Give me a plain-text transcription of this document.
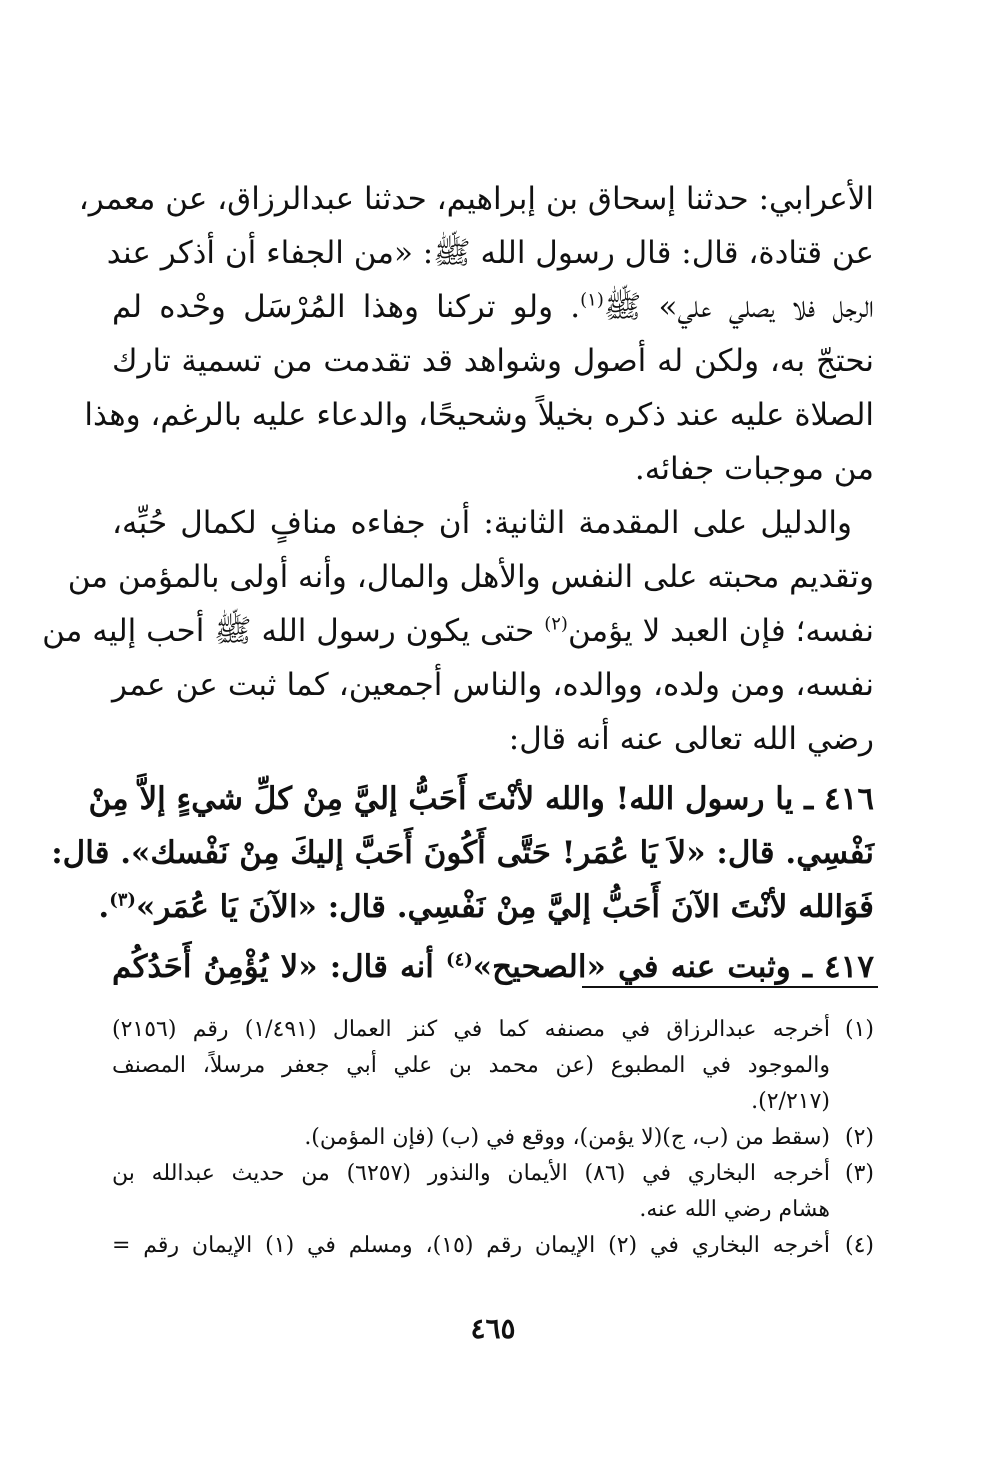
الأعرابي: حدثنا إسحاق بن إبراهيم، حدثنا عبدالرزاق، عن معمر،
عن قتادة، قال: قال رسول الله ﷺ: «من الجفاء أن أذكر عند
الرجل فلا يصلي علي» ﷺ$^{(١)}$. ولو تركنا وهذا المُرْسَل وحْده لم
نحتجّ به، ولكن له أصول وشواهد قد تقدمت من تسمية تارك
الصلاة عليه عند ذكره بخيلاً وشحيحًا، والدعاء عليه بالرغم، وهذا
من موجبات جفائه.
والدليل على المقدمة الثانية: أن جفاءه منافٍ لكمال حُبِّه،
وتقديم محبته على النفس والأهل والمال، وأنه أولى بالمؤمن من
نفسه؛ فإن العبد لا يؤمن$^{(٢)}$ حتى يكون رسول الله ﷺ أحب إليه من
نفسه، ومن ولده، ووالده، والناس أجمعين، كما ثبت عن عمر
رضي الله تعالى عنه أنه قال:
٤١٦ ـ يا رسول الله! والله لأنْتَ أَحَبُّ إليَّ مِنْ كلِّ شيءٍ إلاَّ مِنْ
نَفْسِي. قال: «لاَ يَا عُمَر! حَتَّى أَكُونَ أَحَبَّ إليكَ مِنْ نَفْسك». قال:
فَوَالله لأنْتَ الآنَ أَحَبُّ إليَّ مِنْ نَفْسِي. قال: «الآنَ يَا عُمَر»$^{(٣)}$.
٤١٧ ـ وثبت عنه في «الصحيح»$^{(٤)}$ أنه قال: «لا يُؤْمِنُ أَحَدُكُم
(١)
أخرجه عبدالرزاق في مصنفه كما في كنز العمال (١/٤٩١) رقم (٢١٥٦)
والموجود في المطبوع (عن محمد بن علي أبي جعفر مرسلاً، المصنف
(٢/٢١٧).
(٢)
(سقط من (ب، ج)(لا يؤمن)، ووقع في (ب) (فإن المؤمن).
(٣)
أخرجه البخاري في (٨٦) الأيمان والنذور (٦٢٥٧) من حديث عبدالله بن
هشام رضي الله عنه.
(٤)
أخرجه البخاري في (٢) الإيمان رقم (١٥)، ومسلم في (١) الإيمان رقم =
٤٦٥
